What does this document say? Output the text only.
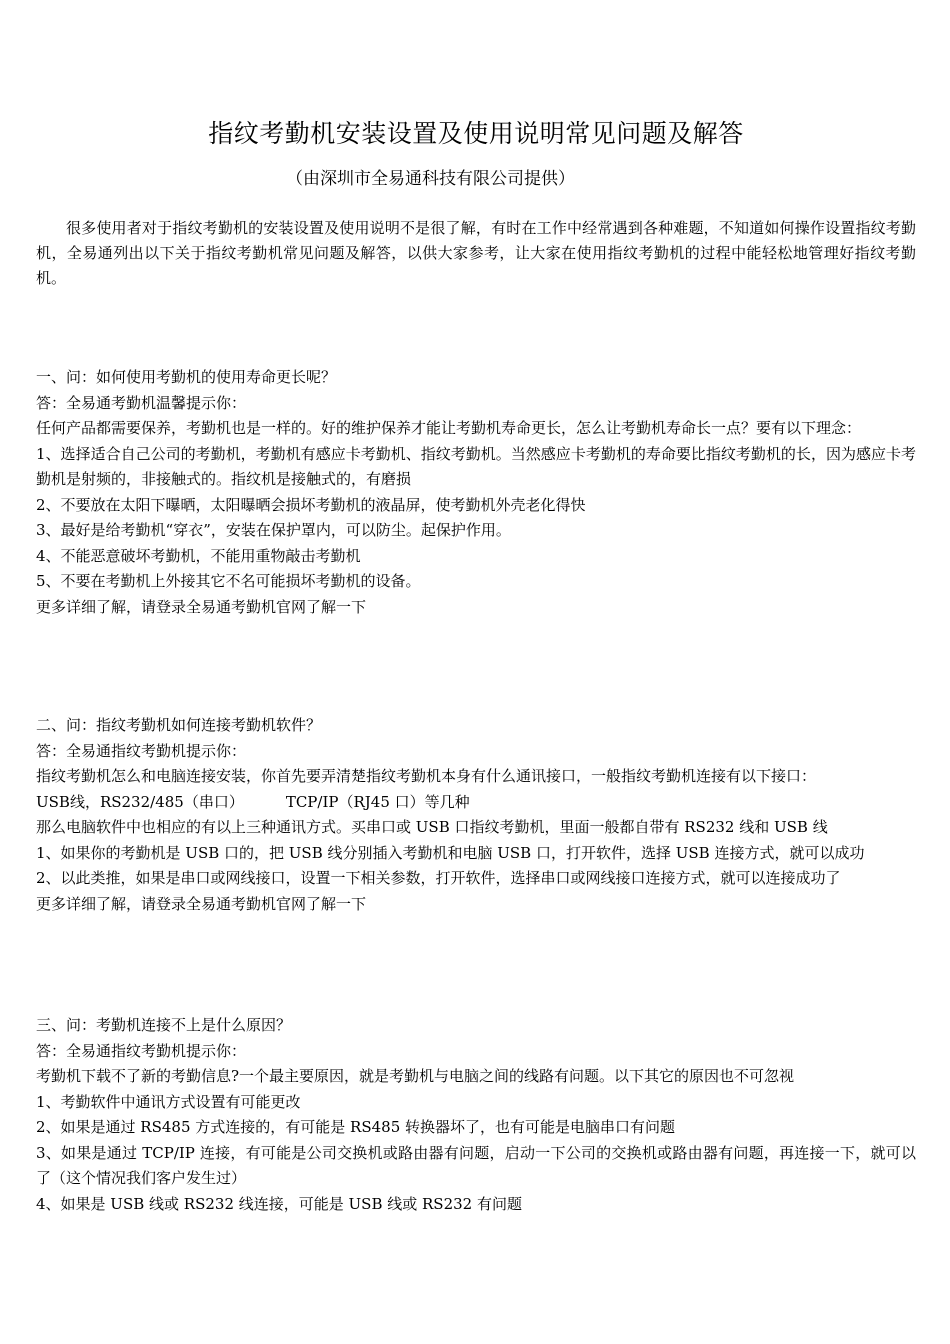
指纹考勤机安装设置及使用说明常见问题及解答

（由深圳市全易通科技有限公司提供）

很多使用者对于指纹考勤机的安装设置及使用说明不是很了解，有时在工作中经常遇到各种难题，不知道如何操作设置指纹考勤机，全易通列出以下关于指纹考勤机常见问题及解答，以供大家参考，让大家在使用指纹考勤机的过程中能轻松地管理好指纹考勤机。

一、问：如何使用考勤机的使用寿命更长呢？

答：全易通考勤机温馨提示你：

任何产品都需要保养，考勤机也是一样的。好的维护保养才能让考勤机寿命更长，怎么让考勤机寿命长一点？要有以下理念：

1、选择适合自己公司的考勤机，考勤机有感应卡考勤机、指纹考勤机。当然感应卡考勤机的寿命要比指纹考勤机的长，因为感应卡考勤机是射频的，非接触式的。指纹机是接触式的，有磨损

2、不要放在太阳下曝晒，太阳曝晒会损坏考勤机的液晶屏，使考勤机外壳老化得快

3、最好是给考勤机“穿衣”，安装在保护罩内，可以防尘。起保护作用。

4、不能恶意破坏考勤机，不能用重物敲击考勤机

5、不要在考勤机上外接其它不名可能损坏考勤机的设备。

更多详细了解，请登录全易通考勤机官网了解一下

二、问：指纹考勤机如何连接考勤机软件？

答：全易通指纹考勤机提示你：

指纹考勤机怎么和电脑连接安装，你首先要弄清楚指纹考勤机本身有什么通讯接口，一般指纹考勤机连接有以下接口：

USB线，RS232/485（串口）	TCP/IP（RJ45 口）等几种

那么电脑软件中也相应的有以上三种通讯方式。买串口或 USB 口指纹考勤机，里面一般都自带有 RS232 线和 USB 线

1、如果你的考勤机是 USB 口的，把 USB 线分别插入考勤机和电脑 USB 口，打开软件，选择 USB 连接方式，就可以成功

2、以此类推，如果是串口或网线接口，设置一下相关参数，打开软件，选择串口或网线接口连接方式，就可以连接成功了

更多详细了解，请登录全易通考勤机官网了解一下

三、问：考勤机连接不上是什么原因？

答：全易通指纹考勤机提示你：

考勤机下载不了新的考勤信息?一个最主要原因，就是考勤机与电脑之间的线路有问题。以下其它的原因也不可忽视

1、考勤软件中通讯方式设置有可能更改

2、如果是通过 RS485 方式连接的，有可能是 RS485 转换器坏了，也有可能是电脑串口有问题

3、如果是通过 TCP/IP 连接，有可能是公司交换机或路由器有问题，启动一下公司的交换机或路由器有问题，再连接一下，就可以了（这个情况我们客户发生过）

4、如果是 USB 线或 RS232 线连接，可能是 USB 线或 RS232 有问题
